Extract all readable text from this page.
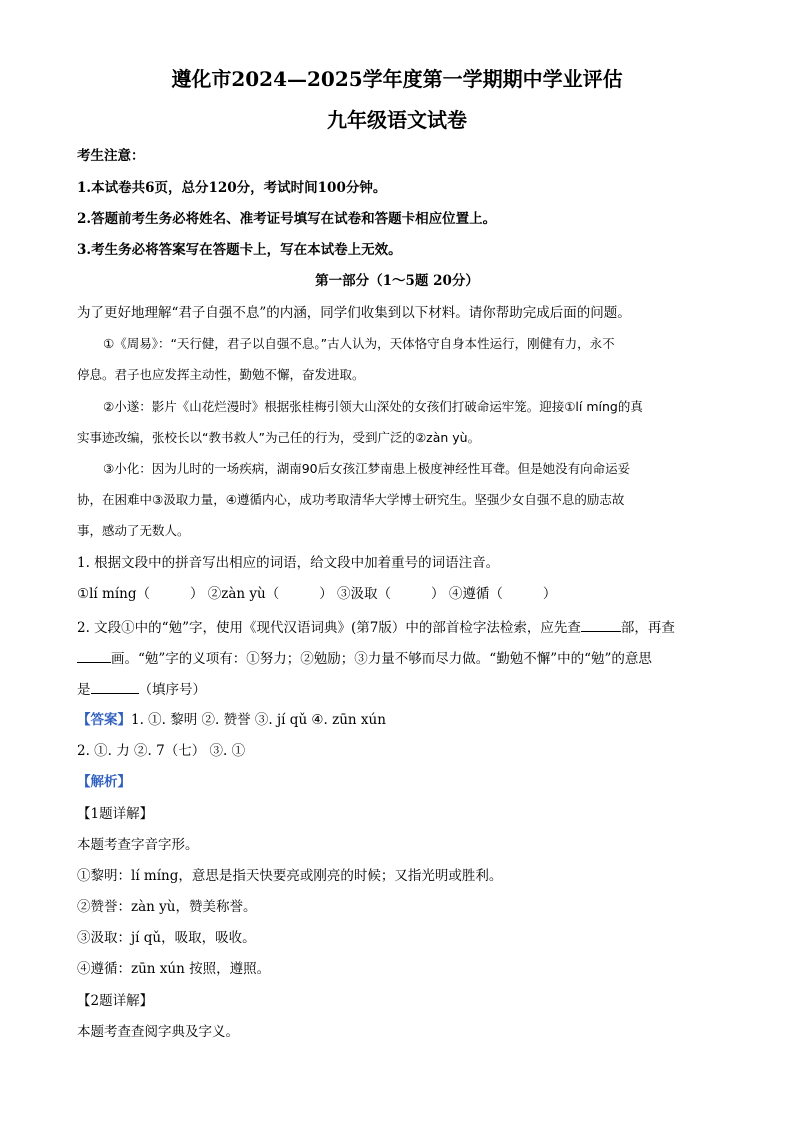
遵化市2024—2025学年度第一学期期中学业评估
九年级语文试卷
考生注意：
1.本试卷共6页，总分120分，考试时间100分钟。
2.答题前考生务必将姓名、准考证号填写在试卷和答题卡相应位置上。
3.考生务必将答案写在答题卡上，写在本试卷上无效。
第一部分（1～5题 20分）
为了更好地理解“君子自强不息”的内涵，同学们收集到以下材料。请你帮助完成后面的问题。
①《周易》：“天行健，君子以自强不息。”古人认为，天体恪守自身本性运行，刚健有力，永不
停息。君子也应发挥主动性，勤勉不懈，奋发进取。
②小遂：影片《山花烂漫时》根据张桂梅引领大山深处的女孩们打破命运牢笼。迎接①lí míng的真
实事迹改编，张校长以“教书救人”为己任的行为，受到广泛的②zàn yù。
③小化：因为儿时的一场疾病，湖南90后女孩江梦南患上极度神经性耳聋。但是她没有向命运妥
协，在困难中③汲取力量，④遵循内心，成功考取清华大学博士研究生。坚强少女自强不息的励志故
事，感动了无数人。
1. 根据文段中的拼音写出相应的词语，给文段中加着重号的词语注音。
①lí míng（	） ②zàn yù（	） ③汲取（	） ④遵循（	）
2. 文段①中的“勉”字，使用《现代汉语词典》(第7版）中的部首检字法检索，应先查	部，再查
画。“勉”字的义项有：①努力；②勉励；③力量不够而尽力做。“勤勉不懈”中的“勉”的意思
是	（填序号）
【答案】1. ①. 黎明 ②. 赞誉 ③. jí qǔ ④. zūn xún
2. ①. 力 ②. 7（七） ③. ①
【解析】
【1题详解】
本题考查字音字形。
①黎明：lí míng，意思是指天快要亮或刚亮的时候；又指光明或胜利。
②赞誉：zàn yù，赞美称誉。
③汲取：jí qǔ，吸取，吸收。
④遵循：zūn xún 按照，遵照。
【2题详解】
本题考查查阅字典及字义。
